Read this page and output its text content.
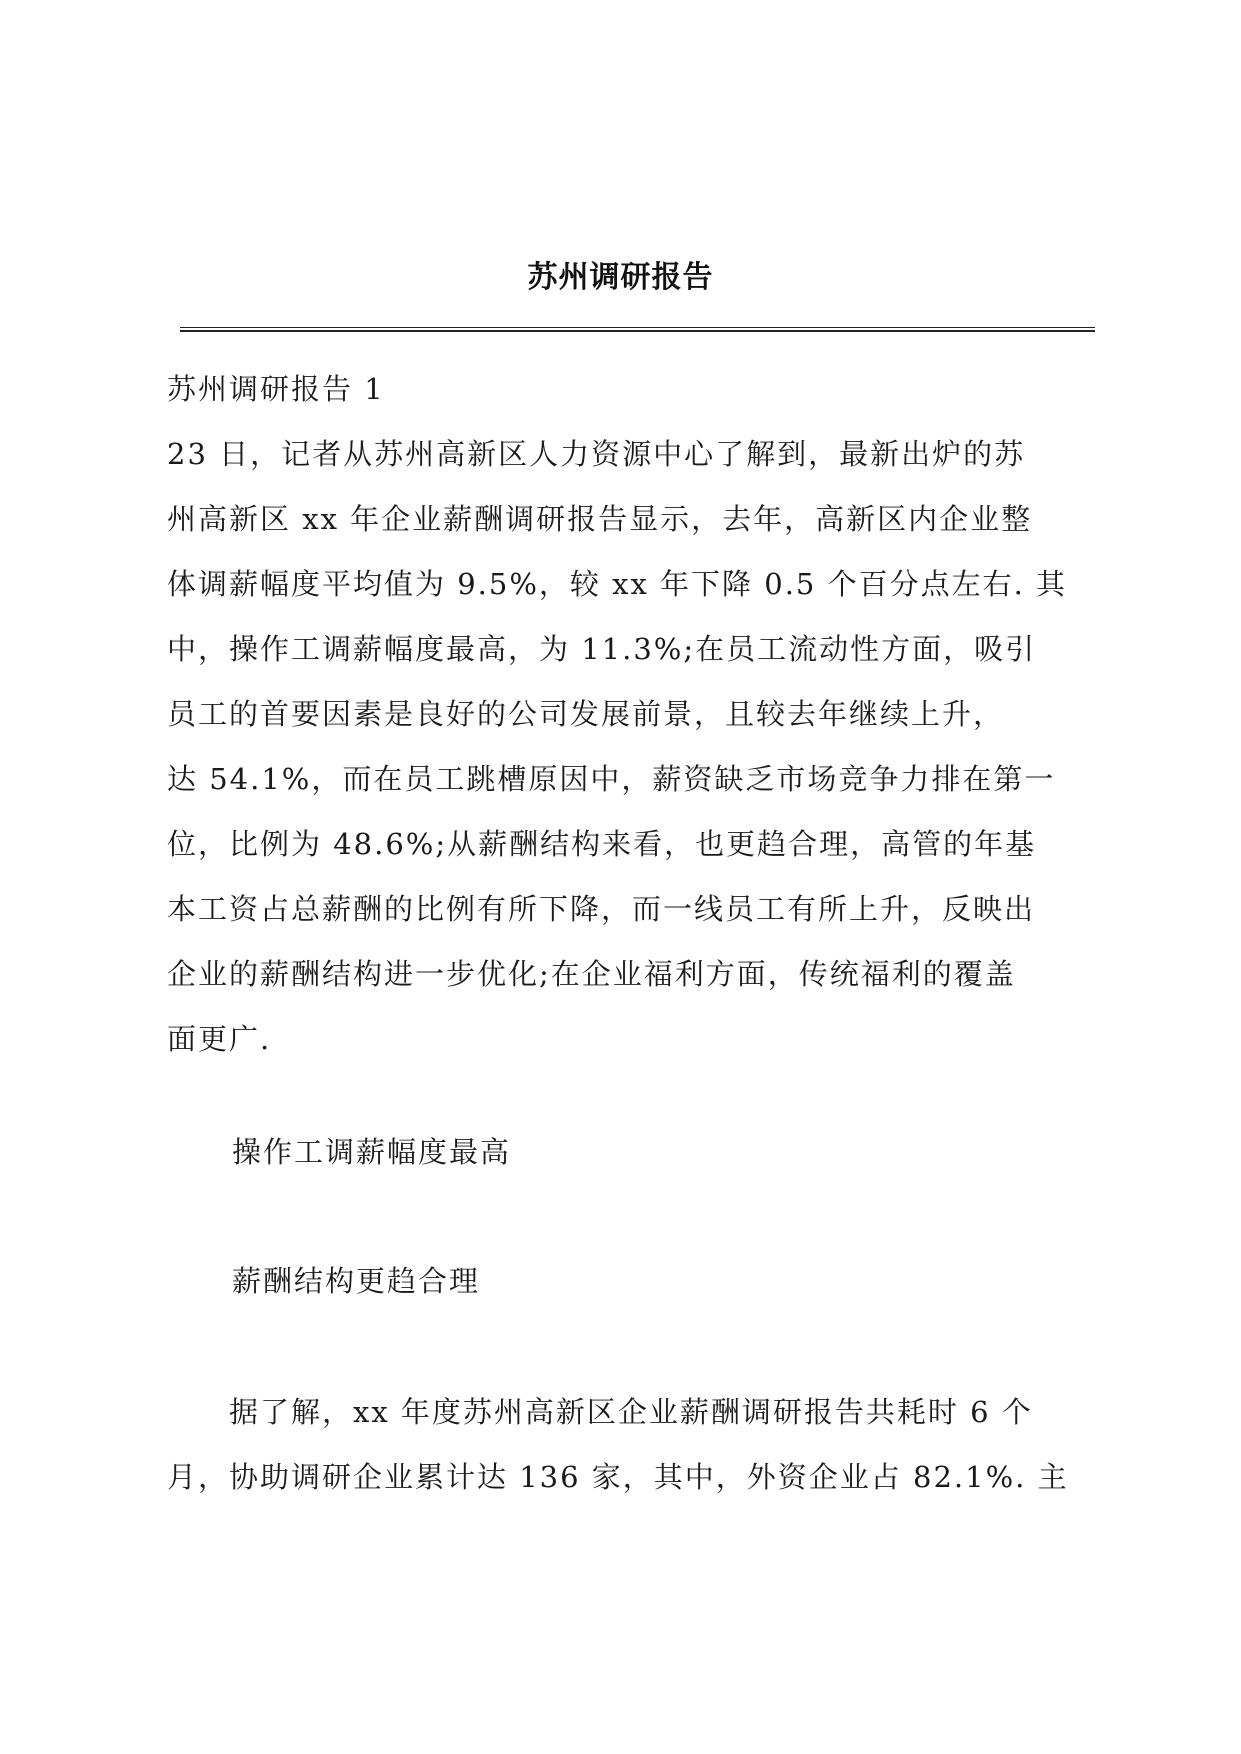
苏州调研报告
苏州调研报告 1
23 日，记者从苏州高新区人力资源中心了解到，最新出炉的苏
州高新区 xx 年企业薪酬调研报告显示，去年，高新区内企业整
体调薪幅度平均值为 9.5%，较 xx 年下降 0.5 个百分点左右. 其
中，操作工调薪幅度最高，为 11.3%;在员工流动性方面，吸引
员工的首要因素是良好的公司发展前景，且较去年继续上升，
达 54.1%，而在员工跳槽原因中，薪资缺乏市场竞争力排在第一
位，比例为 48.6%;从薪酬结构来看，也更趋合理，高管的年基
本工资占总薪酬的比例有所下降，而一线员工有所上升，反映出
企业的薪酬结构进一步优化;在企业福利方面，传统福利的覆盖
面更广.
操作工调薪幅度最高
薪酬结构更趋合理
　　据了解，xx 年度苏州高新区企业薪酬调研报告共耗时 6 个
月，协助调研企业累计达 136 家，其中，外资企业占 82.1%. 主
